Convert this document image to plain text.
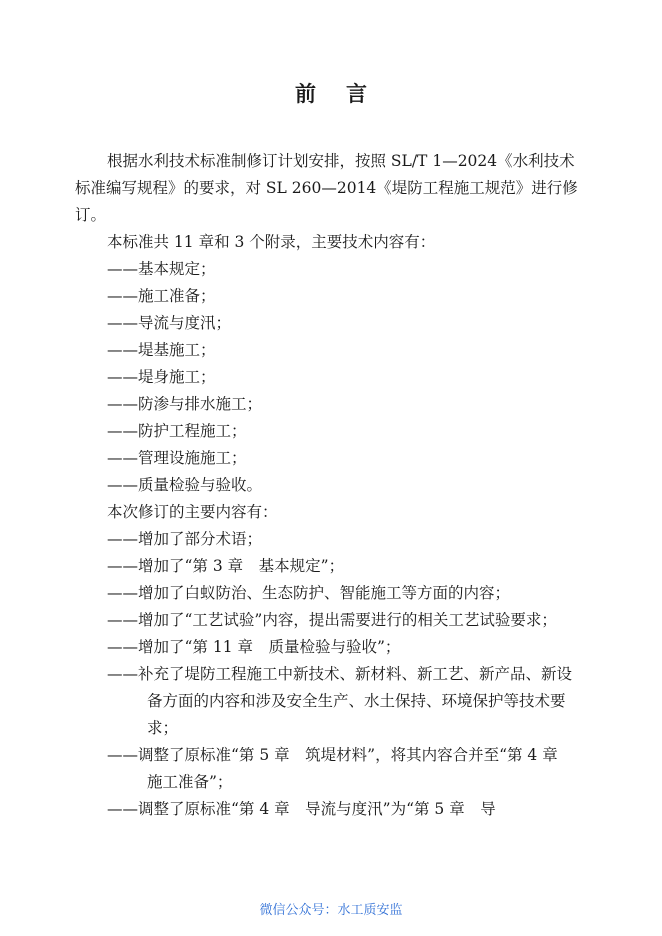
前言

根据水利技术标准制修订计划安排，按照 SL/T 1—2024《水利技术标准编写规程》的要求，对 SL 260—2014《堤防工程施工规范》进行修订。

本标准共 11 章和 3 个附录，主要技术内容有：

——基本规定；

——施工准备；

——导流与度汛；

——堤基施工；

——堤身施工；

——防渗与排水施工；

——防护工程施工；

——管理设施施工；

——质量检验与验收。

本次修订的主要内容有：

——增加了部分术语；

——增加了“第 3 章　基本规定”；

——增加了白蚁防治、生态防护、智能施工等方面的内容；

——增加了“工艺试验”内容，提出需要进行的相关工艺试验要求；

——增加了“第 11 章　质量检验与验收”；

——补充了堤防工程施工中新技术、新材料、新工艺、新产品、新设备方面的内容和涉及安全生产、水土保持、环境保护等技术要求；

——调整了原标准“第 5 章　筑堤材料”，将其内容合并至“第 4 章　施工准备”；

——调整了原标准“第 4 章　导流与度汛”为“第 5 章　导

微信公众号：水工质安监
